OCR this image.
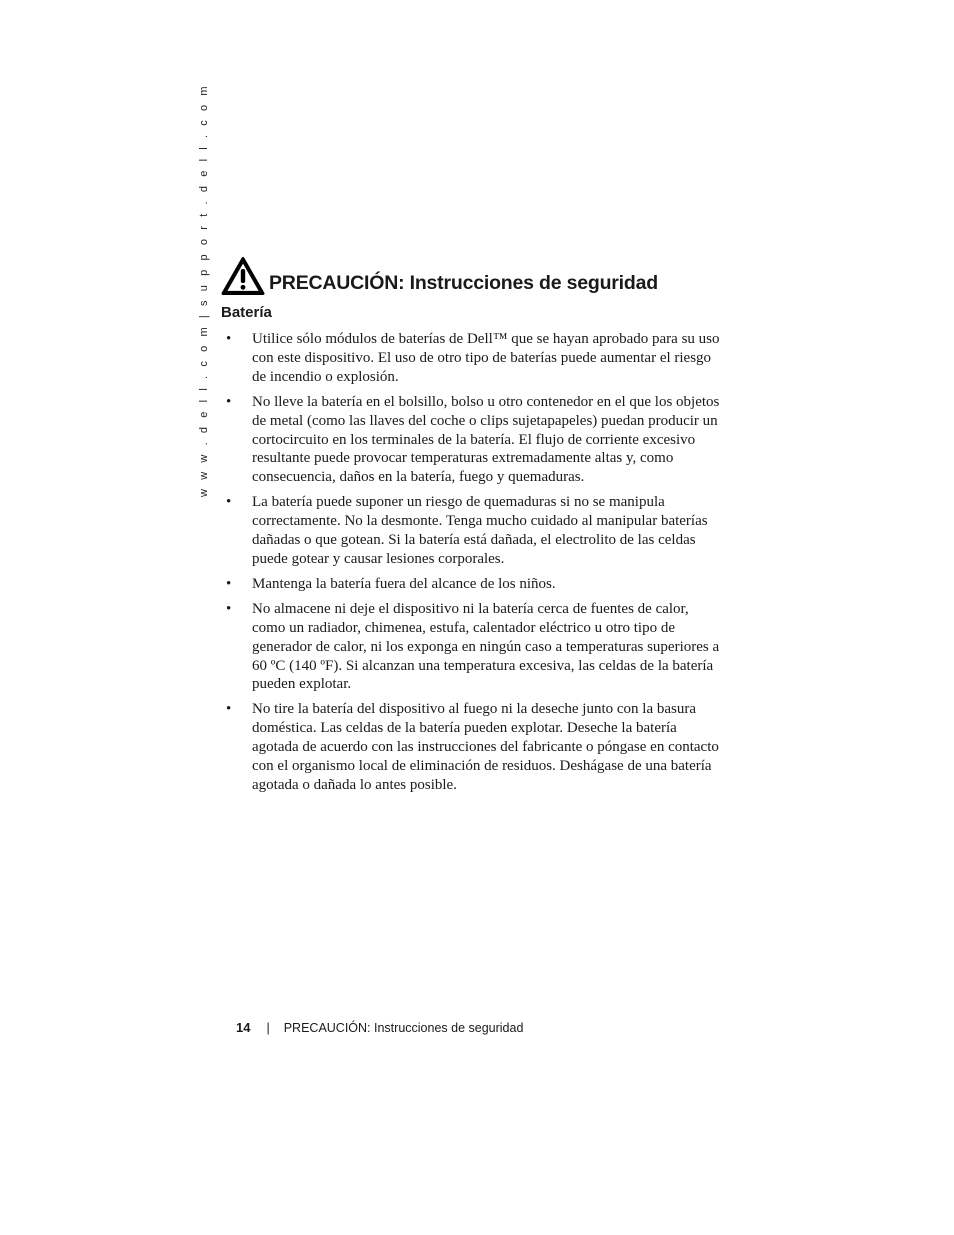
w w w . d e l l . c o m | s u p p o r t . d e l l . c o m	PRECAUCIÓN: Instrucciones de seguridad
Batería
• Utilice sólo módulos de baterías de Dell™ que se hayan aprobado para su uso con este dispositivo. El uso de otro tipo de baterías puede aumentar el riesgo de incendio o explosión.
• No lleve la batería en el bolsillo, bolso u otro contenedor en el que los objetos de metal (como las llaves del coche o clips sujetapapeles) puedan producir un cortocircuito en los terminales de la batería. El flujo de corriente excesivo resultante puede provocar temperaturas extremadamente altas y, como consecuencia, daños en la batería, fuego y quemaduras.
• La batería puede suponer un riesgo de quemaduras si no se manipula correctamente. No la desmonte. Tenga mucho cuidado al manipular baterías dañadas o que gotean. Si la batería está dañada, el electrolito de las celdas puede gotear y causar lesiones corporales.
• Mantenga la batería fuera del alcance de los niños.
• No almacene ni deje el dispositivo ni la batería cerca de fuentes de calor, como un radiador, chimenea, estufa, calentador eléctrico u otro tipo de generador de calor, ni los exponga en ningún caso a temperaturas superiores a 60 ºC (140 ºF). Si alcanzan una temperatura excesiva, las celdas de la batería pueden explotar.
• No tire la batería del dispositivo al fuego ni la deseche junto con la basura doméstica. Las celdas de la batería pueden explotar. Deseche la batería agotada de acuerdo con las instrucciones del fabricante o póngase en contacto con el organismo local de eliminación de residuos. Deshágase de una batería agotada o dañada lo antes posible.
14 | PRECAUCIÓN: Instrucciones de seguridad
